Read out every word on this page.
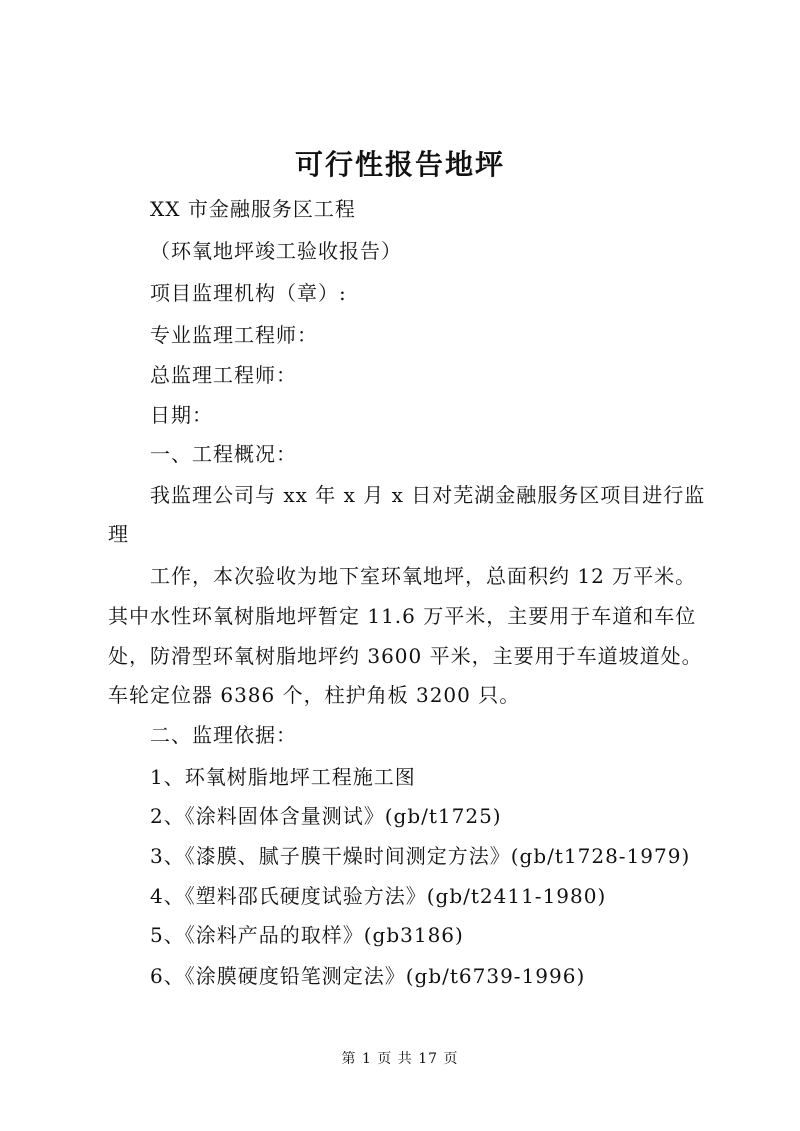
可行性报告地坪
XX 市金融服务区工程
（环氧地坪竣工验收报告）
项目监理机构（章）:
专业监理工程师：
总监理工程师：
日期：
一、工程概况：
我监理公司与 xx 年 x 月 x 日对芜湖金融服务区项目进行监
理
工作，本次验收为地下室环氧地坪，总面积约 12 万平米。
其中水性环氧树脂地坪暂定 11.6 万平米，主要用于车道和车位
处，防滑型环氧树脂地坪约 3600 平米，主要用于车道坡道处。
车轮定位器 6386 个，柱护角板 3200 只。
二、监理依据：
1、环氧树脂地坪工程施工图
2、《涂料固体含量测试》(gb/t1725)
3、《漆膜、腻子膜干燥时间测定方法》(gb/t1728-1979)
4、《塑料邵氏硬度试验方法》(gb/t2411-1980)
5、《涂料产品的取样》(gb3186)
6、《涂膜硬度铅笔测定法》(gb/t6739-1996)
第 1 页 共 17 页
